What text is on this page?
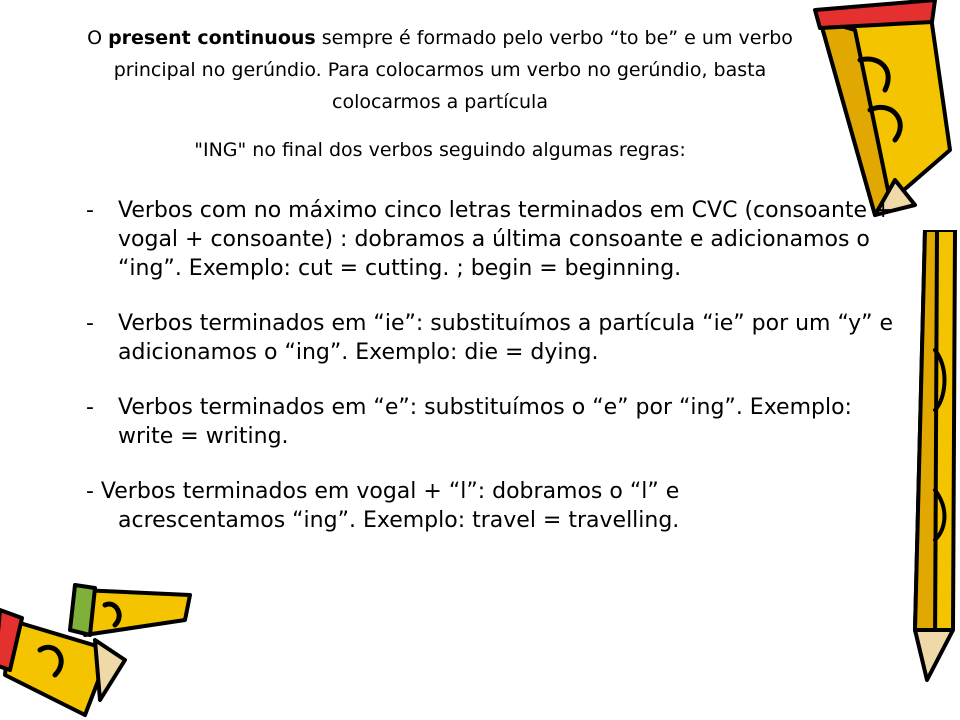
O present continuous sempre é formado pelo verbo “to be” e um verbo principal no gerúndio. Para colocarmos um verbo no gerúndio, basta colocarmos a partícula

"ING" no final dos verbos seguindo algumas regras:

- Verbos com no máximo cinco letras terminados em CVC (consoante + vogal + consoante) : dobramos a última consoante e adicionamos o “ing”. Exemplo: cut = cutting. ; begin = beginning.
- Verbos terminados em “ie”: substituímos a partícula “ie” por um “y” e adicionamos o “ing”. Exemplo: die = dying.
- Verbos terminados em “e”: substituímos o “e” por “ing”. Exemplo: write = writing.
- Verbos terminados em vogal + “l”: dobramos o “l” e
acrescentamos “ing”. Exemplo: travel = travelling.
